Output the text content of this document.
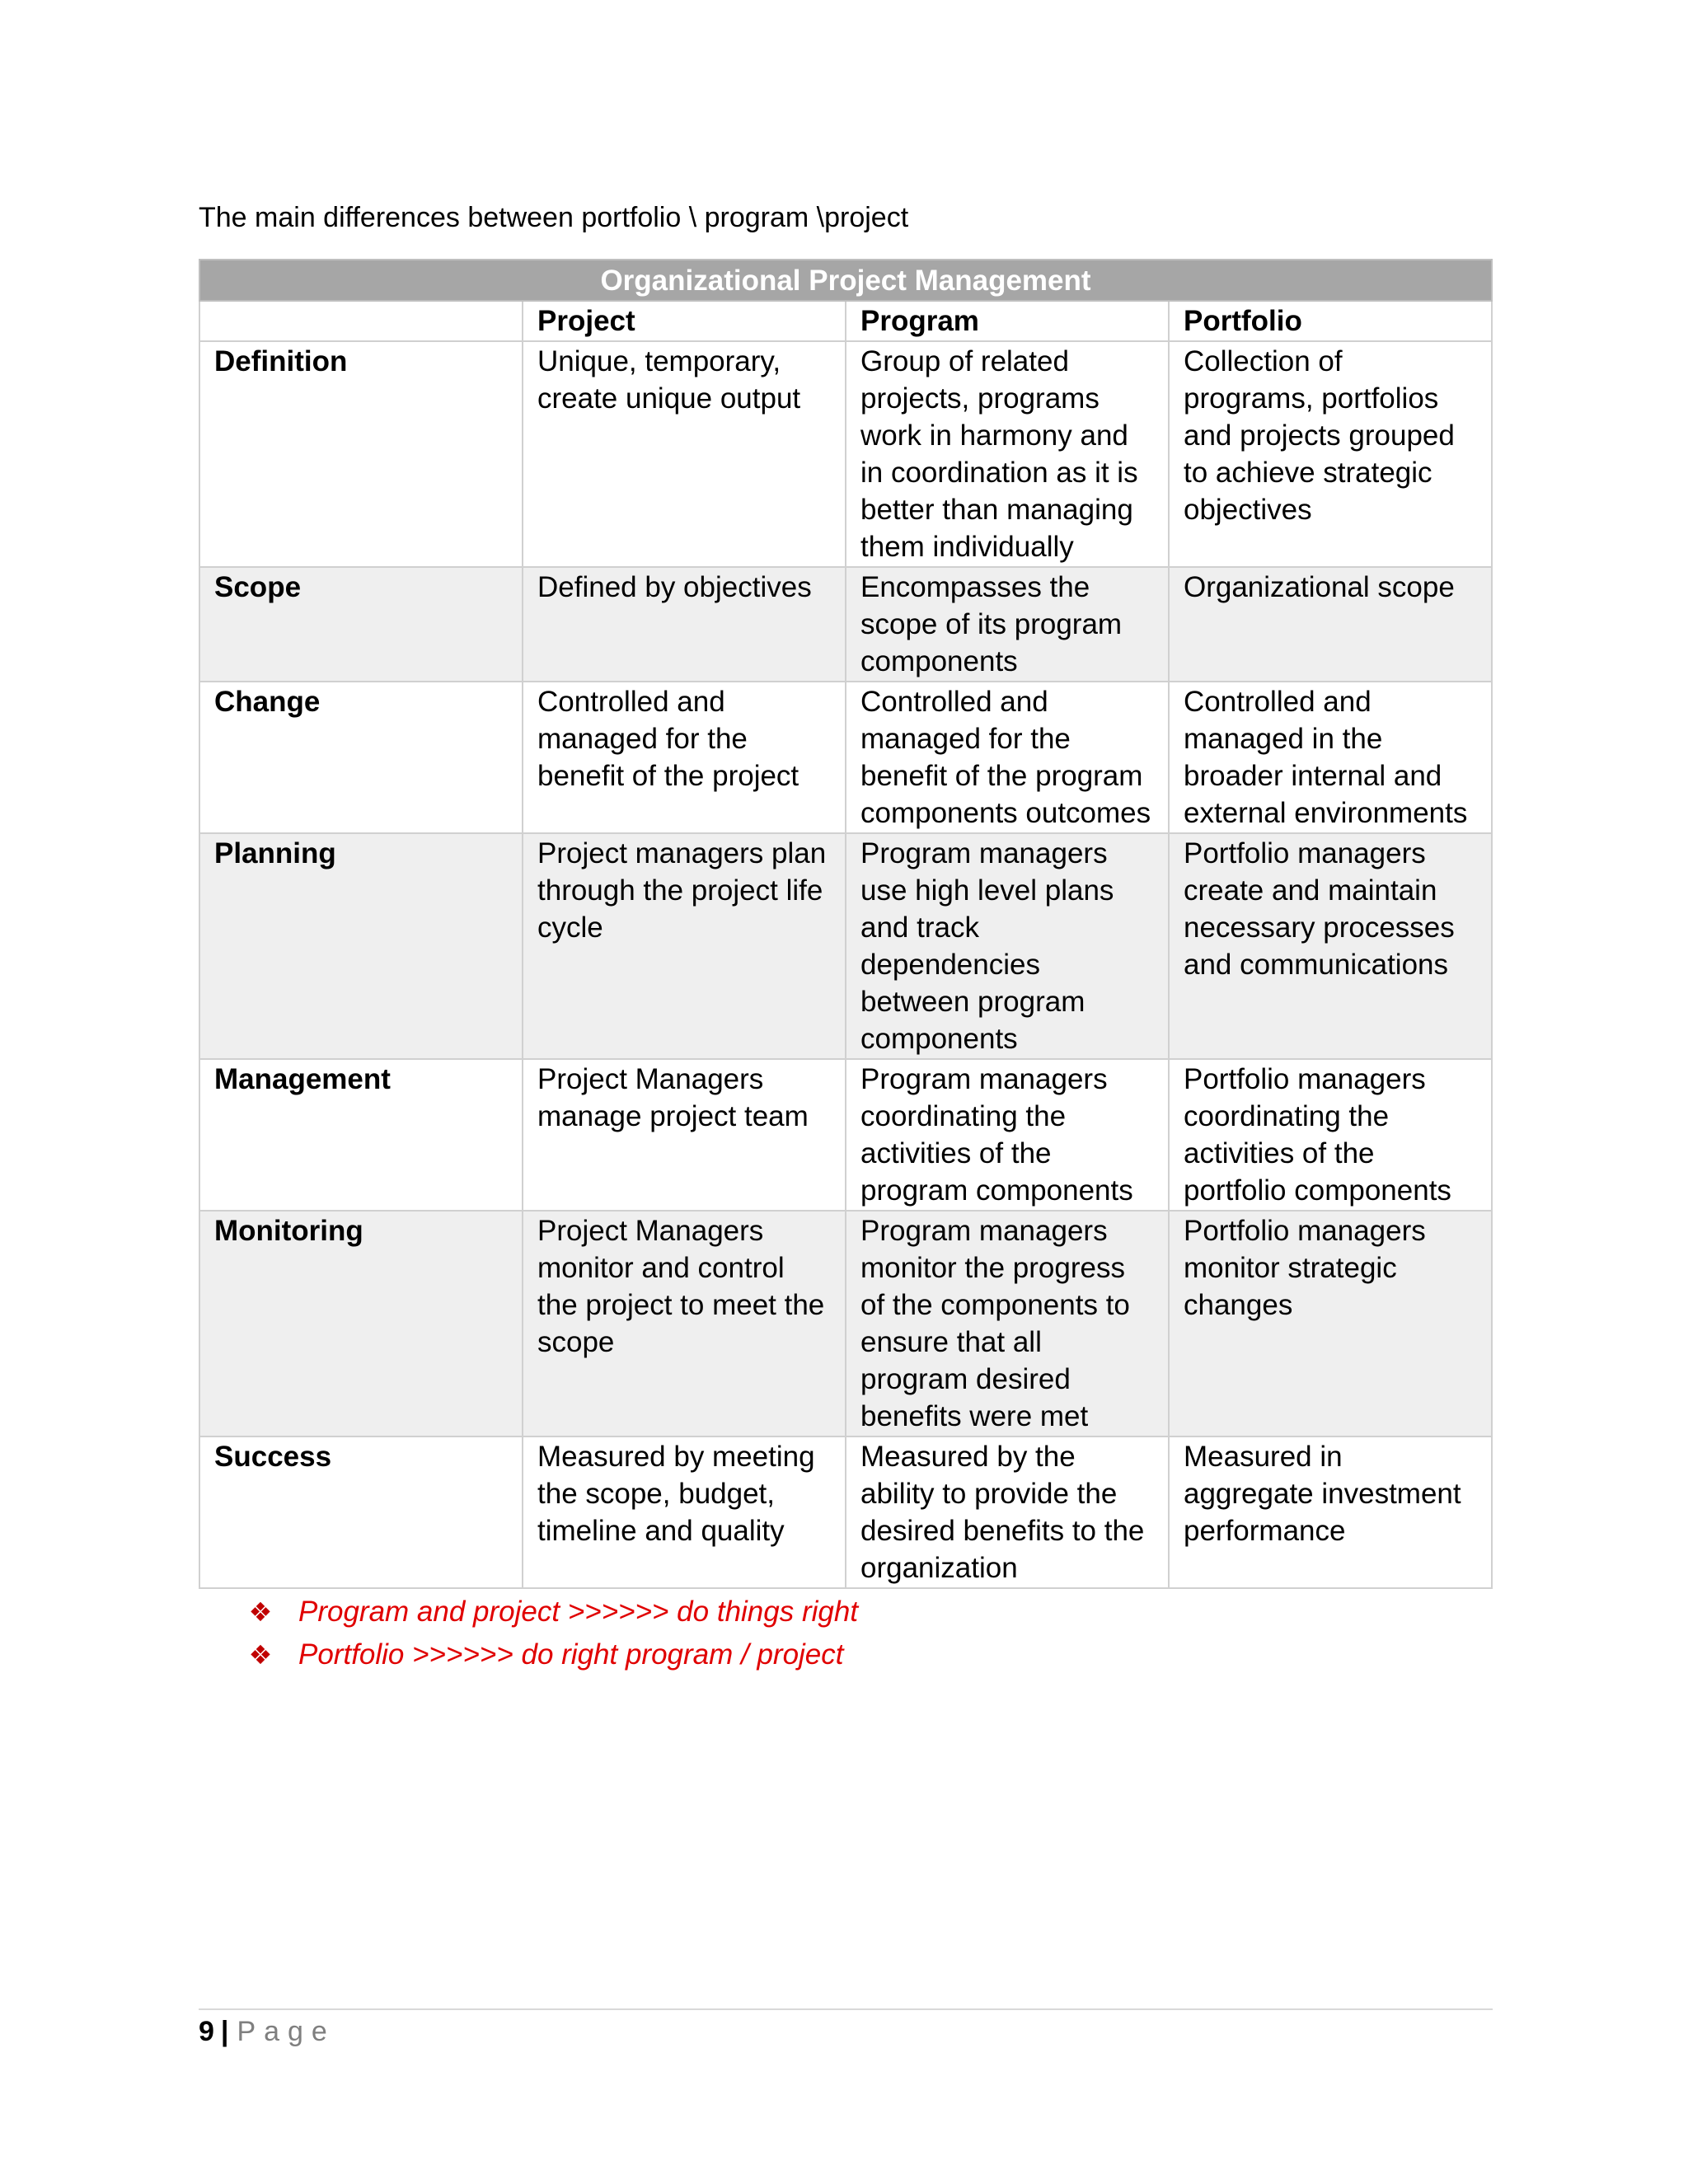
The main differences between portfolio \ program \project

Organizational Project Management			
	Project	Program	Portfolio
Definition	Unique, temporary, create unique output	Group of related projects, programs work in harmony and in coordination as it is better than managing them individually	Collection of programs, portfolios and projects grouped to achieve strategic objectives
Scope	Defined by objectives	Encompasses the scope of its program components	Organizational scope
Change	Controlled and managed for the benefit of the project	Controlled and managed for the benefit of the program components outcomes	Controlled and managed in the broader internal and external environments
Planning	Project managers plan through the project life cycle	Program managers use high level plans and track dependencies between program components	Portfolio managers create and maintain necessary processes and communications
Management	Project Managers manage project team	Program managers coordinating the activities of the program components	Portfolio managers coordinating the activities of the portfolio components
Monitoring	Project Managers monitor and control the project to meet the scope	Program managers monitor the progress of the components to ensure that all program desired benefits were met	Portfolio managers monitor strategic changes
Success	Measured by meeting the scope, budget, timeline and quality	Measured by the ability to provide the desired benefits to the organization	Measured in aggregate investment performance
❖ Program and project >>>>>> do things right
❖ Portfolio >>>>>> do right program / project
9 | Page
